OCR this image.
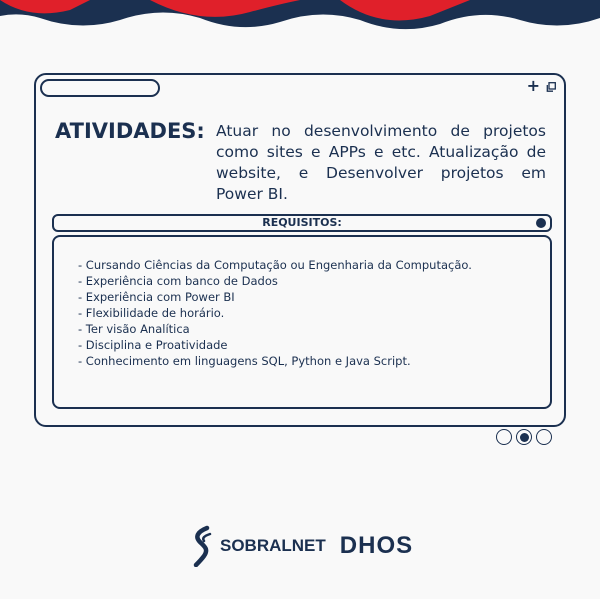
+
ATIVIDADES: Atuar no desenvolvimento de projetos como sites e APPs e etc. Atualização de website, e Desenvolver projetos em Power BI.
REQUISITOS:
- Cursando Ciências da Computação ou Engenharia da Computação.
- Experiência com banco de Dados
- Experiência com Power BI
- Flexibilidade de horário.
- Ter visão Analítica
- Disciplina e Proatividade
- Conhecimento em linguagens SQL, Python e Java Script.
SOBRALNET DHOS
